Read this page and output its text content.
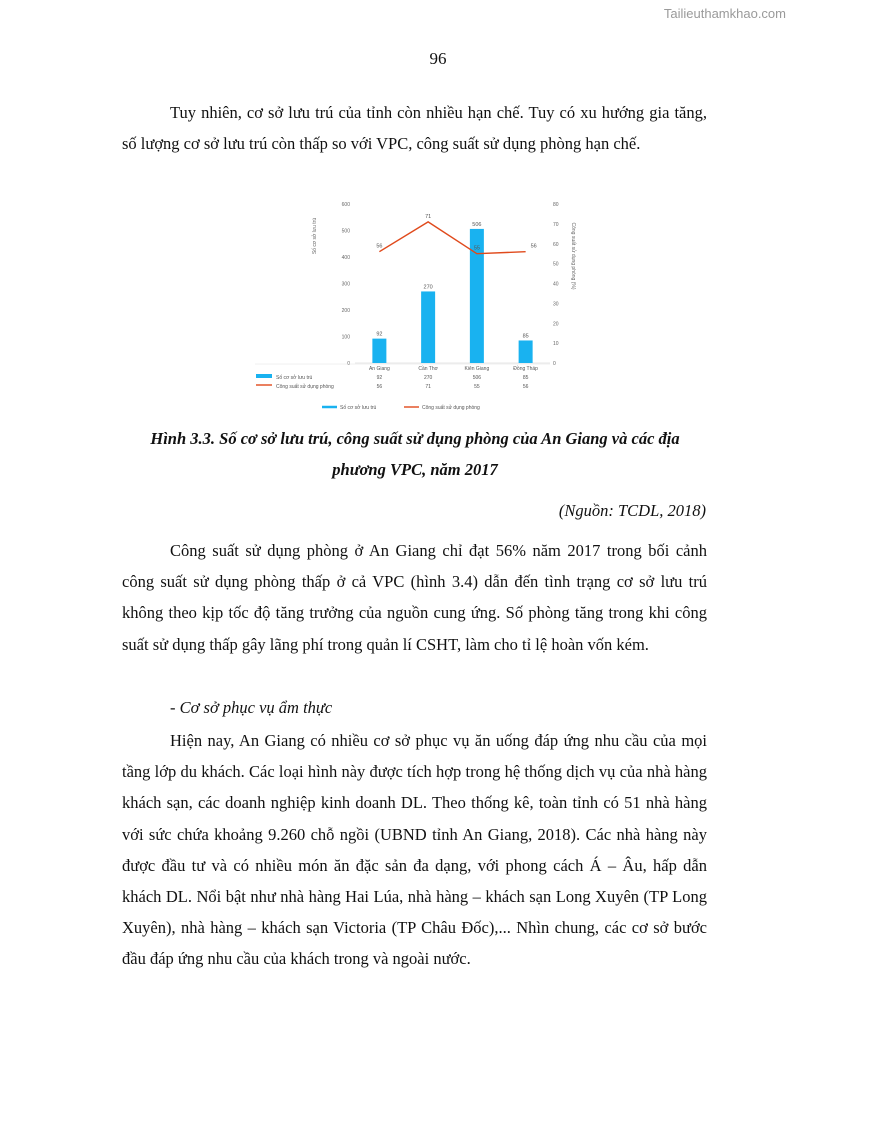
Tailieuthamkhao.com
96

Tuy nhiên, cơ sở lưu trú của tỉnh còn nhiều hạn chế. Tuy có xu hướng gia tăng, số lượng cơ sở lưu trú còn thấp so với VPC, công suất sử dụng phòng hạn chế.

0
100
200
300
400
500
600
0
10
20
30
40
50
60
70
80
Số cơ sở lưu trú	Công suất sử dụng phòng (%)
92
270
506
85
56
71
55	56
An Giang	Cần Thơ	Kiên Giang	Đồng Tháp
Số cơ sở lưu trú	92	270	506	85
Công suất sử dụng phòng	56	71	55	56
Số cơ sở lưu trú	Công suất sử dụng phòng
Hình 3.3. Số cơ sở lưu trú, công suất sử dụng phòng của An Giang và các địa
phương VPC, năm 2017
(Nguồn: TCDL, 2018)

Công suất sử dụng phòng ở An Giang chỉ đạt 56% năm 2017 trong bối cảnh công suất sử dụng phòng thấp ở cả VPC (hình 3.4) dẫn đến tình trạng cơ sở lưu trú không theo kịp tốc độ tăng trưởng của nguồn cung ứng. Số phòng tăng trong khi công suất sử dụng thấp gây lãng phí trong quản lí CSHT, làm cho tỉ lệ hoàn vốn kém.

- Cơ sở phục vụ ẩm thực

Hiện nay, An Giang có nhiều cơ sở phục vụ ăn uống đáp ứng nhu cầu của mọi tầng lớp du khách. Các loại hình này được tích hợp trong hệ thống dịch vụ của nhà hàng khách sạn, các doanh nghiệp kinh doanh DL. Theo thống kê, toàn tỉnh có 51 nhà hàng với sức chứa khoảng 9.260 chỗ ngồi (UBND tỉnh An Giang, 2018). Các nhà hàng này được đầu tư và có nhiều món ăn đặc sản đa dạng, với phong cách Á – Âu, hấp dẫn khách DL. Nổi bật như nhà hàng Hai Lúa, nhà hàng – khách sạn Long Xuyên (TP Long Xuyên), nhà hàng – khách sạn Victoria (TP Châu Đốc),... Nhìn chung, các cơ sở bước đầu đáp ứng nhu cầu của khách trong và ngoài nước.
